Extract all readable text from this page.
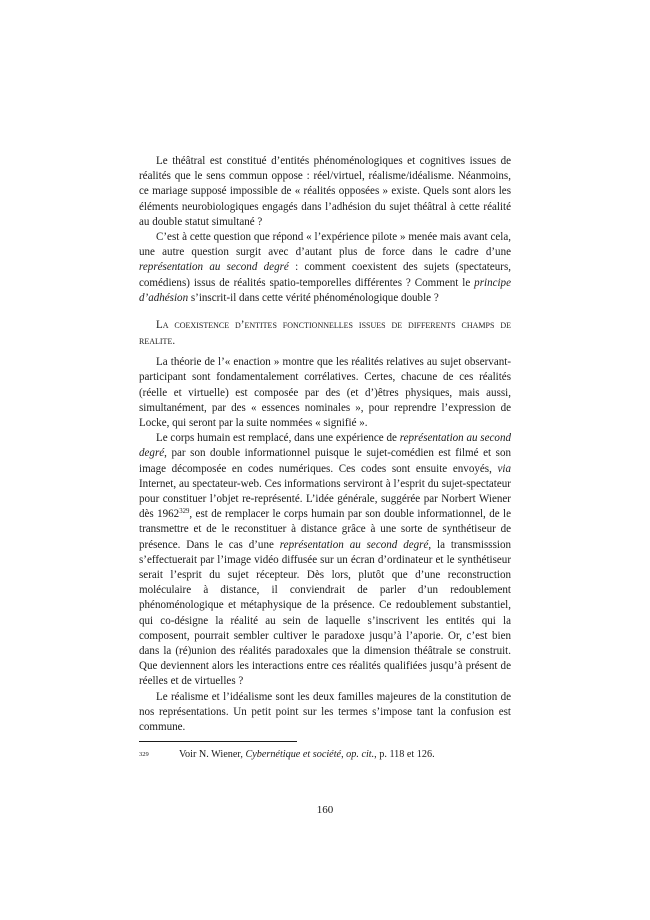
Le théâtral est constitué d’entités phénoménologiques et cognitives issues de réalités que le sens commun oppose : réel/virtuel, réalisme/idéalisme. Néanmoins, ce mariage supposé impossible de « réalités opposées » existe. Quels sont alors les éléments neurobiologiques engagés dans l’adhésion du sujet théâtral à cette réalité au double statut simultané ?

C’est à cette question que répond « l’expérience pilote » menée mais avant cela, une autre question surgit avec d’autant plus de force dans le cadre d’une représentation au second degré : comment coexistent des sujets (spectateurs, comédiens) issus de réalités spatio-temporelles différentes ? Comment le principe d’adhésion s’inscrit-il dans cette vérité phénoménologique double ?

La coexistence d’entites fonctionnelles issues de differents champs de realite.

La théorie de l’« enaction » montre que les réalités relatives au sujet observant-participant sont fondamentalement corrélatives. Certes, chacune de ces réalités (réelle et virtuelle) est composée par des (et d’)êtres physiques, mais aussi, simultanément, par des « essences nominales », pour reprendre l’expression de Locke, qui seront par la suite nommées « signifié ».

Le corps humain est remplacé, dans une expérience de représentation au second degré, par son double informationnel puisque le sujet-comédien est filmé et son image décomposée en codes numériques. Ces codes sont ensuite envoyés, via Internet, au spectateur-web. Ces informations serviront à l’esprit du sujet-spectateur pour constituer l’objet re-représenté. L’idée générale, suggérée par Norbert Wiener dès 1962$^{329}$, est de remplacer le corps humain par son double informationnel, de le transmettre et de le reconstituer à distance grâce à une sorte de synthétiseur de présence. Dans le cas d’une représentation au second degré, la transmisssion s’effectuerait par l’image vidéo diffusée sur un écran d’ordinateur et le synthétiseur serait l’esprit du sujet récepteur. Dès lors, plutôt que d’une reconstruction moléculaire à distance, il conviendrait de parler d’un redoublement phénoménologique et métaphysique de la présence. Ce redoublement substantiel, qui co-désigne la réalité au sein de laquelle s’inscrivent les entités qui la composent, pourrait sembler cultiver le paradoxe jusqu’à l’aporie. Or, c’est bien dans la (ré)union des réalités paradoxales que la dimension théâtrale se construit. Que deviennent alors les interactions entre ces réalités qualifiées jusqu’à présent de réelles et de virtuelles ?

Le réalisme et l’idéalisme sont les deux familles majeures de la constitution de nos représentations. Un petit point sur les termes s’impose tant la confusion est commune.

329	Voir N. Wiener, Cybernétique et société, op. cit., p. 118 et 126.
160
